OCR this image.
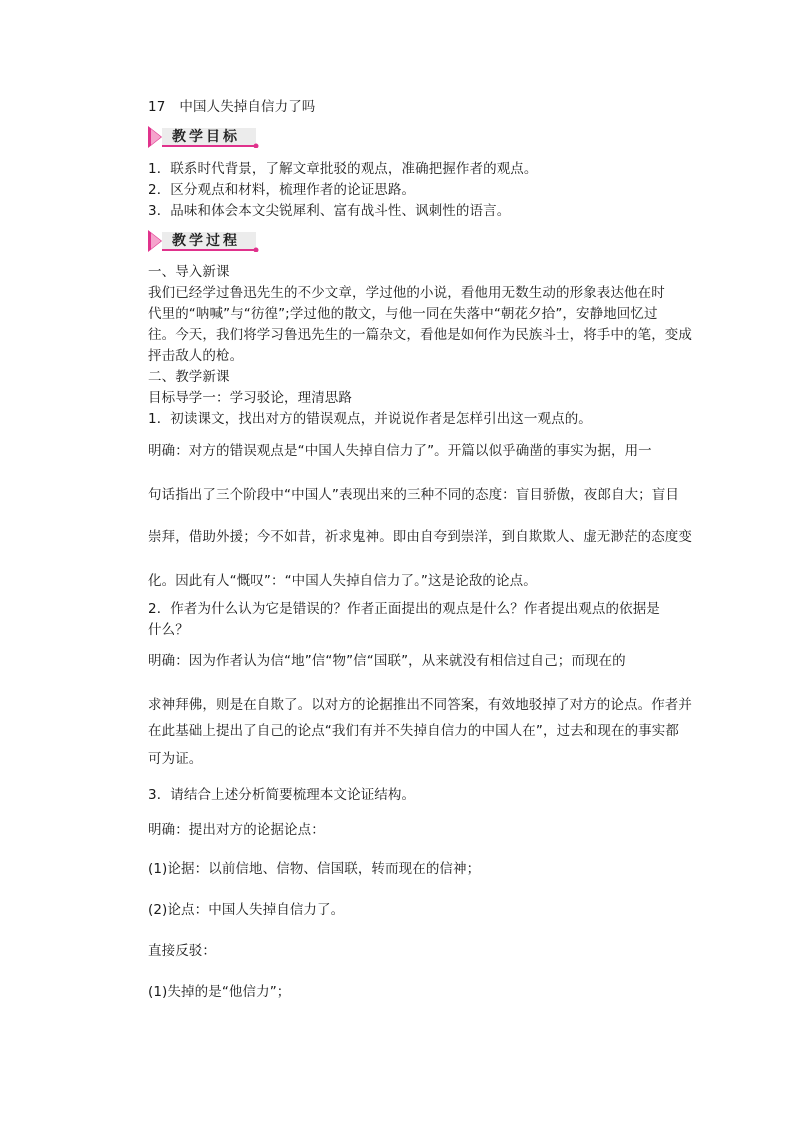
17 中国人失掉自信力了吗
教学目标
1．联系时代背景，了解文章批驳的观点，准确把握作者的观点。
2．区分观点和材料，梳理作者的论证思路。
3．品味和体会本文尖锐犀利、富有战斗性、讽刺性的语言。
教学过程
一、导入新课
我们已经学过鲁迅先生的不少文章，学过他的小说，看他用无数生动的形象表达他在时
代里的“呐喊”与“彷徨”;学过他的散文，与他一同在失落中“朝花夕拾”，安静地回忆过
往。今天，我们将学习鲁迅先生的一篇杂文，看他是如何作为民族斗士，将手中的笔，变成
抨击敌人的枪。
二、教学新课
目标导学一：学习驳论，理清思路
1．初读课文，找出对方的错误观点，并说说作者是怎样引出这一观点的。
明确：对方的错误观点是“中国人失掉自信力了”。开篇以似乎确凿的事实为据，用一
句话指出了三个阶段中“中国人”表现出来的三种不同的态度：盲目骄傲，夜郎自大；盲目
崇拜，借助外援；今不如昔，祈求鬼神。即由自夸到崇洋，到自欺欺人、虚无渺茫的态度变
化。因此有人“慨叹”：“中国人失掉自信力了。”这是论敌的论点。
2．作者为什么认为它是错误的？作者正面提出的观点是什么？作者提出观点的依据是
什么？
明确：因为作者认为信“地”信“物”信“国联”，从来就没有相信过自己；而现在的
求神拜佛，则是在自欺了。以对方的论据推出不同答案，有效地驳掉了对方的论点。作者并
在此基础上提出了自己的论点“我们有并不失掉自信力的中国人在”，过去和现在的事实都
可为证。
3．请结合上述分析简要梳理本文论证结构。
明确：提出对方的论据论点：
(1)论据：以前信地、信物、信国联，转而现在的信神；
(2)论点：中国人失掉自信力了。
直接反驳：
(1)失掉的是“他信力”；
